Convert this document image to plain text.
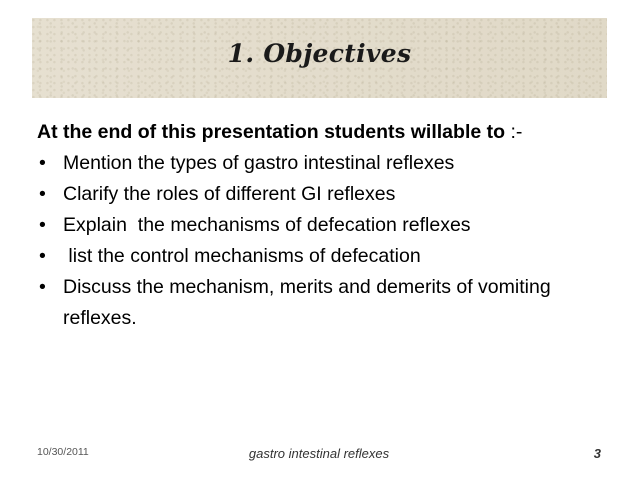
1. Objectives

At the end of this presentation students willable to :-

• Mention the types of gastro intestinal reflexes
• Clarify the roles of different GI reflexes
• Explain  the mechanisms of defecation reflexes
• list the control mechanisms of defecation
• Discuss the mechanism, merits and demerits of vomiting reflexes.
10/30/2011	gastro intestinal reflexes	3
